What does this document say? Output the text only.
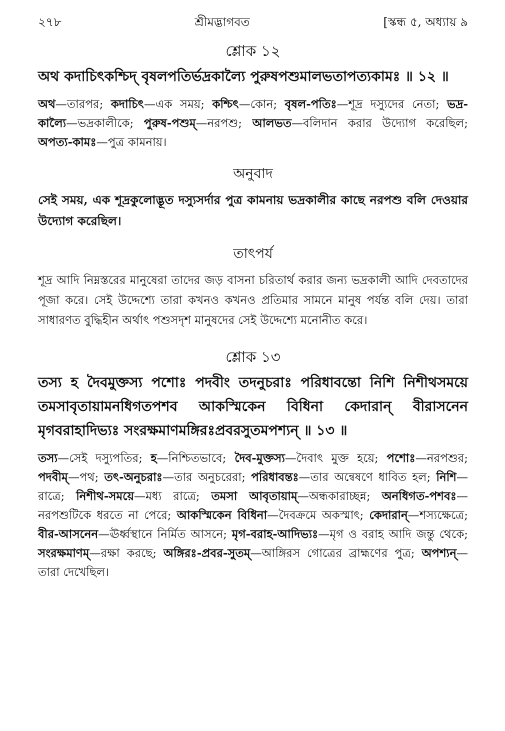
২৭৮	শ্রীমদ্ভাগবত	[স্কন্ধ ৫, অধ্যায় ৯
শ্লোক ১২
অথ কদাচিৎকশ্চিদ্ বৃষলপতির্ভদ্রকাল্যৈ পুরুষপশুমালভতাপত্যকামঃ ॥ ১২ ॥
অথ—তারপর; কদাচিৎ—এক সময়; কশ্চিৎ—কোন; বৃষল-পতিঃ—শূদ্র দস্যুদের নেতা; ভদ্র-কাল্যৈ—ভদ্রকালীকে; পুরুষ-পশুম্—নরপশু; আলভত—বলিদান করার উদ্যোগ করেছিল; অপত্য-কামঃ—পুত্র কামনায়।
অনুবাদ
সেই সময়, এক শূদ্রকুলোদ্ভূত দস্যুসর্দার পুত্র কামনায় ভদ্রকালীর কাছে নরপশু বলি দেওয়ার উদ্যোগ করেছিল।
তাৎপর্য
শূদ্র আদি নিম্নস্তরের মানুষেরা তাদের জড় বাসনা চরিতার্থ করার জন্য ভদ্রকালী আদি দেবতাদের পূজা করে। সেই উদ্দেশ্যে তারা কখনও কখনও প্রতিমার সামনে মানুষ পর্যন্ত বলি দেয়। তারা সাধারণত বুদ্ধিহীন অর্থাৎ পশুসদৃশ মানুষদের সেই উদ্দেশ্যে মনোনীত করে।
শ্লোক ১৩
তস্য হ দৈবমুক্তস্য পশোঃ পদবীং তদনুচরাঃ পরিধাবন্তো নিশি নিশীথসময়ে তমসাবৃতায়ামনধিগতপশব আকস্মিকেন বিধিনা কেদারান্ বীরাসনেন মৃগবরাহাদিভ্যঃ সংরক্ষমাণমঙ্গিরঃপ্রবরসুতমপশ্যন্ ॥ ১৩ ॥
তস্য—সেই দস্যুপতির; হ—নিশ্চিতভাবে; দৈব-মুক্তস্য—দৈবাৎ মুক্ত হয়ে; পশোঃ—নরপশুর; পদবীম্—পথ; তৎ-অনুচরাঃ—তার অনুচরেরা; পরিধাবন্তঃ—তার অন্বেষণে ধাবিত হল; নিশি—রাত্রে; নিশীথ-সময়ে—মধ্য রাত্রে; তমসা আবৃতায়াম্—অন্ধকারাচ্ছন্ন; অনধিগত-পশবঃ—নরপশুটিকে ধরতে না পেরে; আকস্মিকেন বিধিনা—দৈবক্রমে অকস্মাৎ; কেদারান্—শস্যক্ষেত্রে; বীর-আসনেন—ঊর্ধ্বস্থানে নির্মিত আসনে; মৃগ-বরাহ-আদিভ্যঃ—মৃগ ও বরাহ আদি জন্তু থেকে; সংরক্ষমাণম্—রক্ষা করছে; অঙ্গিরঃ-প্রবর-সুতম্—আঙ্গিরস গোত্রের ব্রাহ্মণের পুত্র; অপশ্যন্—তারা দেখেছিল।
